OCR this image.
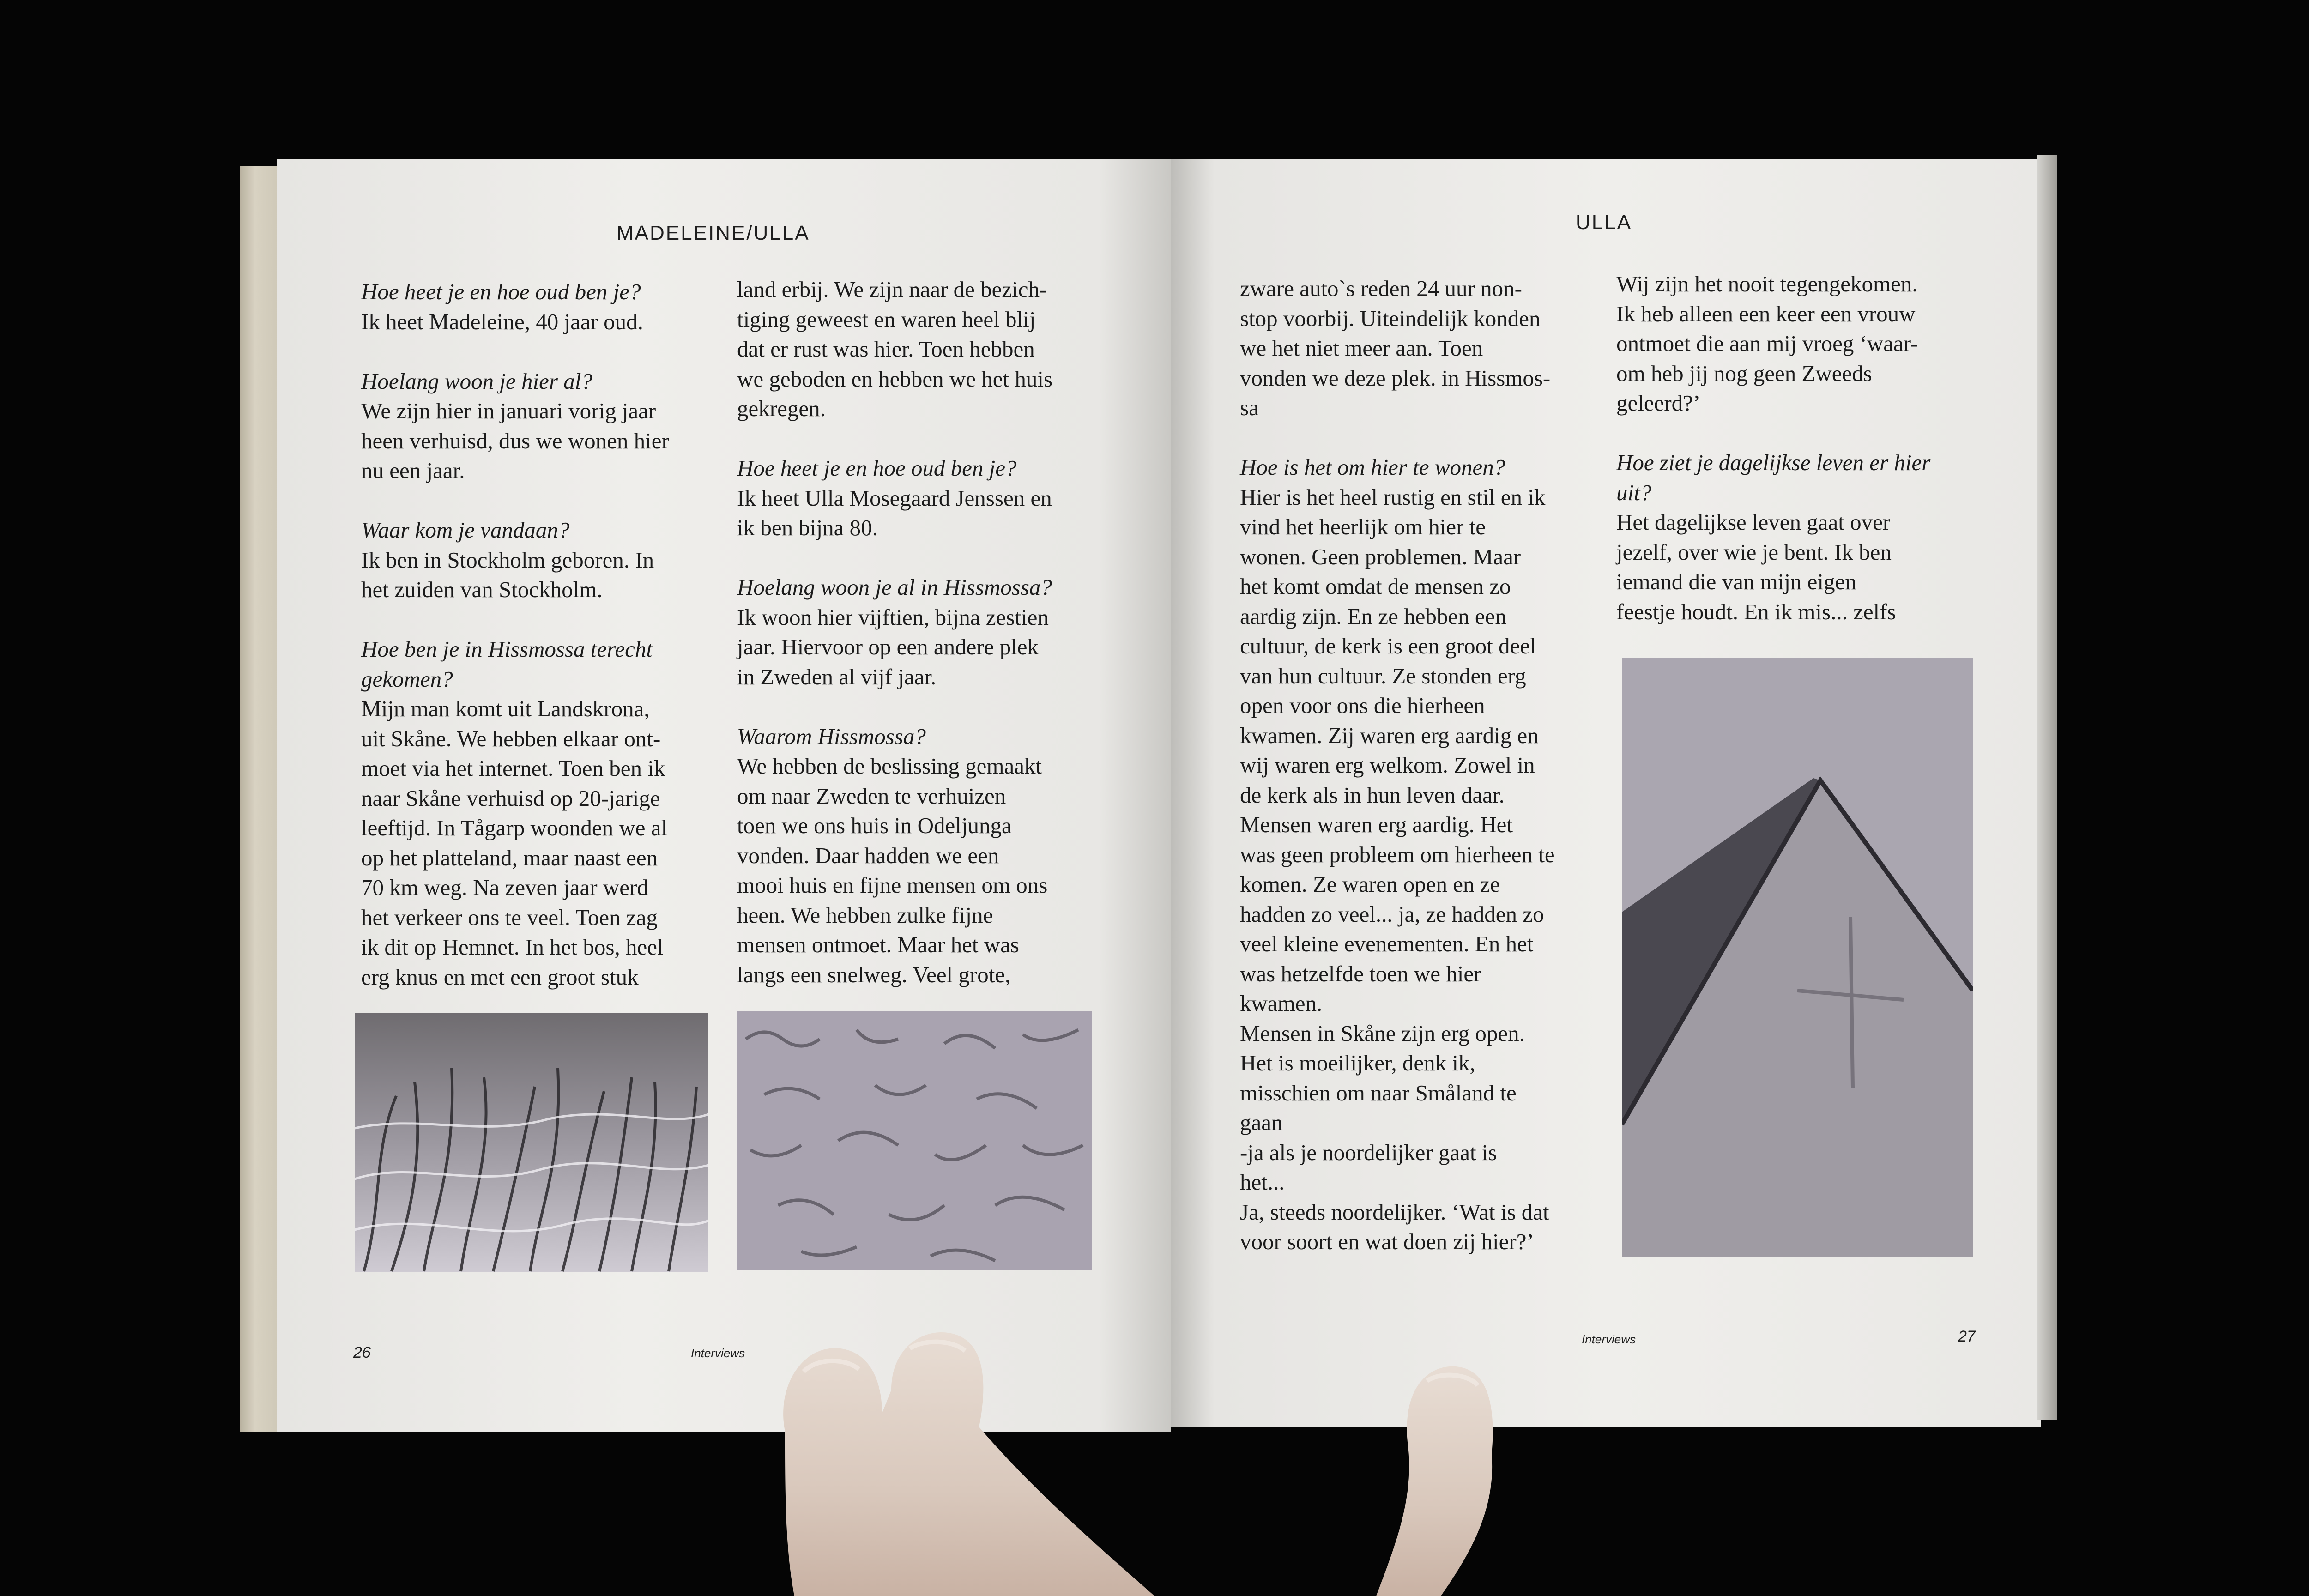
MADELEINE/ULLA

Hoe heet je en hoe oud ben je?

Ik heet Madeleine, 40 jaar oud.

Hoelang woon je hier al?

We zijn hier in januari vorig jaar

heen verhuisd, dus we wonen hier

nu een jaar.

Waar kom je vandaan?

Ik ben in Stockholm geboren. In

het zuiden van Stockholm.

Hoe ben je in Hissmossa terecht

gekomen?

Mijn man komt uit Landskrona,

uit Skåne. We hebben elkaar ont-

moet via het internet. Toen ben ik

naar Skåne verhuisd op 20-jarige

leeftijd. In Tågarp woonden we al

op het platteland, maar naast een

70 km weg. Na zeven jaar werd

het verkeer ons te veel. Toen zag

ik dit op Hemnet. In het bos, heel

erg knus en met een groot stuk

land erbij. We zijn naar de bezich-

tiging geweest en waren heel blij

dat er rust was hier. Toen hebben

we geboden en hebben we het huis

gekregen.

Hoe heet je en hoe oud ben je?

Ik heet Ulla Mosegaard Jenssen en

ik ben bijna 80.

Hoelang woon je al in Hissmossa?

Ik woon hier vijftien, bijna zestien

jaar. Hiervoor op een andere plek

in Zweden al vijf jaar.

Waarom Hissmossa?

We hebben de beslissing gemaakt

om naar Zweden te verhuizen

toen we ons huis in Odeljunga

vonden. Daar hadden we een

mooi huis en fijne mensen om ons

heen. We hebben zulke fijne

mensen ontmoet. Maar het was

langs een snelweg. Veel grote,

26	Interviews
ULLA

zware auto`s reden 24 uur non-

stop voorbij. Uiteindelijk konden

we het niet meer aan. Toen

vonden we deze plek. in Hissmos-

sa

Hoe is het om hier te wonen?

Hier is het heel rustig en stil en ik

vind het heerlijk om hier te

wonen. Geen problemen. Maar

het komt omdat de mensen zo

aardig zijn. En ze hebben een

cultuur, de kerk is een groot deel

van hun cultuur. Ze stonden erg

open voor ons die hierheen

kwamen. Zij waren erg aardig en

wij waren erg welkom. Zowel in

de kerk als in hun leven daar.

Mensen waren erg aardig. Het

was geen probleem om hierheen te

komen. Ze waren open en ze

hadden zo veel... ja, ze hadden zo

veel kleine evenementen. En het

was hetzelfde toen we hier

kwamen.

Mensen in Skåne zijn erg open.

Het is moeilijker, denk ik,

misschien om naar Småland te

gaan

-ja als je noordelijker gaat is

het...

Ja, steeds noordelijker. ‘Wat is dat

voor soort en wat doen zij hier?’

Wij zijn het nooit tegengekomen.

Ik heb alleen een keer een vrouw

ontmoet die aan mij vroeg ‘waar-

om heb jij nog geen Zweeds

geleerd?’

Hoe ziet je dagelijkse leven er hier

uit?

Het dagelijkse leven gaat over

jezelf, over wie je bent. Ik ben

iemand die van mijn eigen

feestje houdt. En ik mis... zelfs

Interviews	27
